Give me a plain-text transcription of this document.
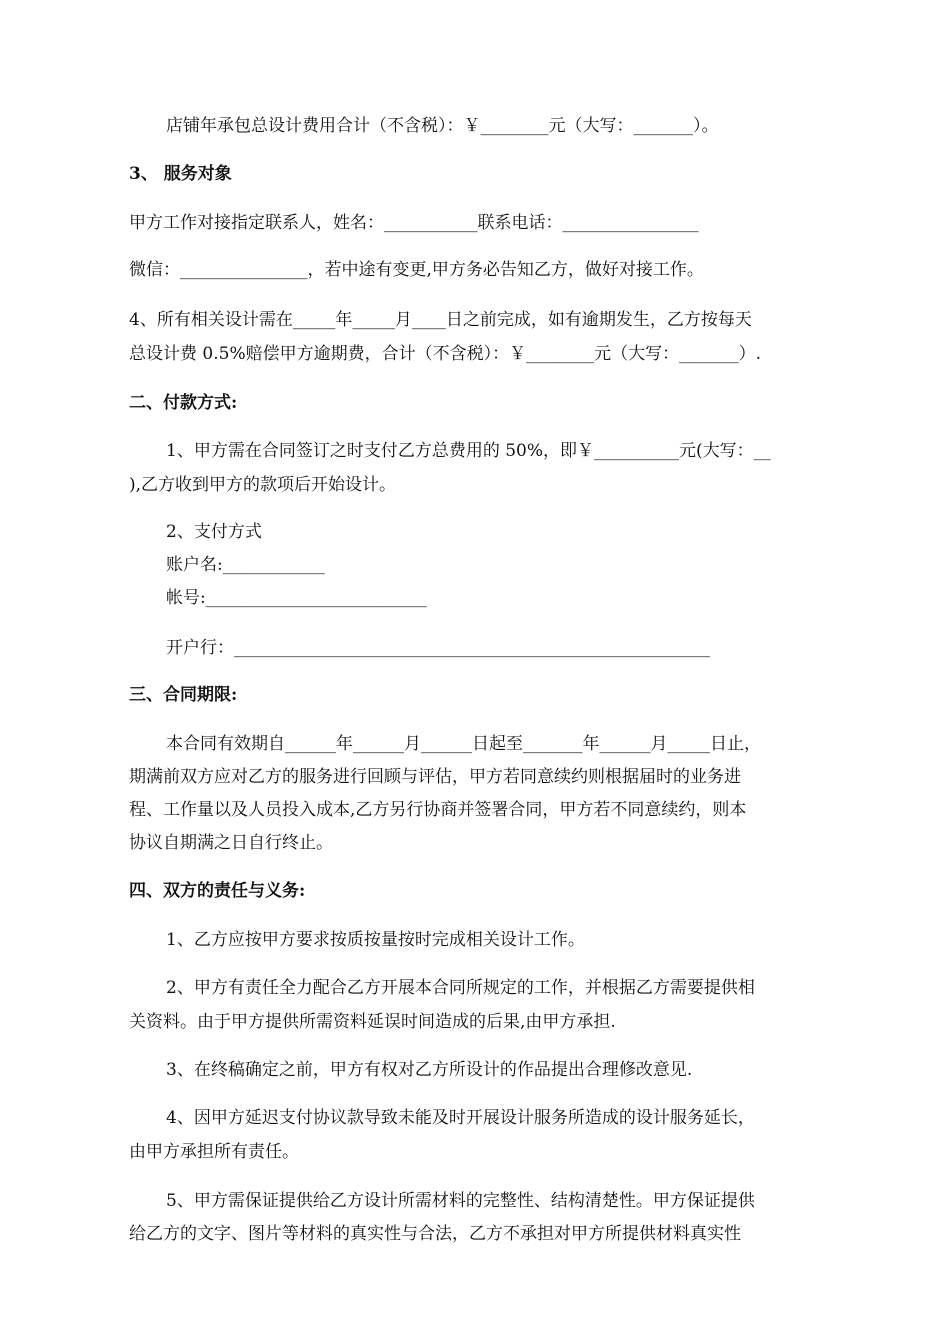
店铺年承包总设计费用合计（不含税）：￥________元（大写：_______）。
3、 服务对象
甲方工作对接指定联系人，姓名：___________联系电话：________________
微信：_______________，若中途有变更,甲方务必告知乙方，做好对接工作。
4、所有相关设计需在_____年_____月____日之前完成，如有逾期发生，乙方按每天
总设计费 0.5%赔偿甲方逾期费，合计（不含税）：￥________元（大写：_______）.
二、付款方式:
1、甲方需在合同签订之时支付乙方总费用的 50%，即￥__________元(大写：__
),乙方收到甲方的款项后开始设计。
2、支付方式
账户名:____________
帐号:__________________________
开户行：________________________________________________________
三、合同期限:
本合同有效期自______年______月______日起至_______年______月_____日止，
期满前双方应对乙方的服务进行回顾与评估，甲方若同意续约则根据届时的业务进
程、工作量以及人员投入成本,乙方另行协商并签署合同，甲方若不同意续约，则本
协议自期满之日自行终止。
四、双方的责任与义务:
1、乙方应按甲方要求按质按量按时完成相关设计工作。
2、甲方有责任全力配合乙方开展本合同所规定的工作，并根据乙方需要提供相
关资料。由于甲方提供所需资料延误时间造成的后果,由甲方承担.
3、在终稿确定之前，甲方有权对乙方所设计的作品提出合理修改意见.
4、因甲方延迟支付协议款导致未能及时开展设计服务所造成的设计服务延长，
由甲方承担所有责任。
5、甲方需保证提供给乙方设计所需材料的完整性、结构清楚性。甲方保证提供
给乙方的文字、图片等材料的真实性与合法，乙方不承担对甲方所提供材料真实性
